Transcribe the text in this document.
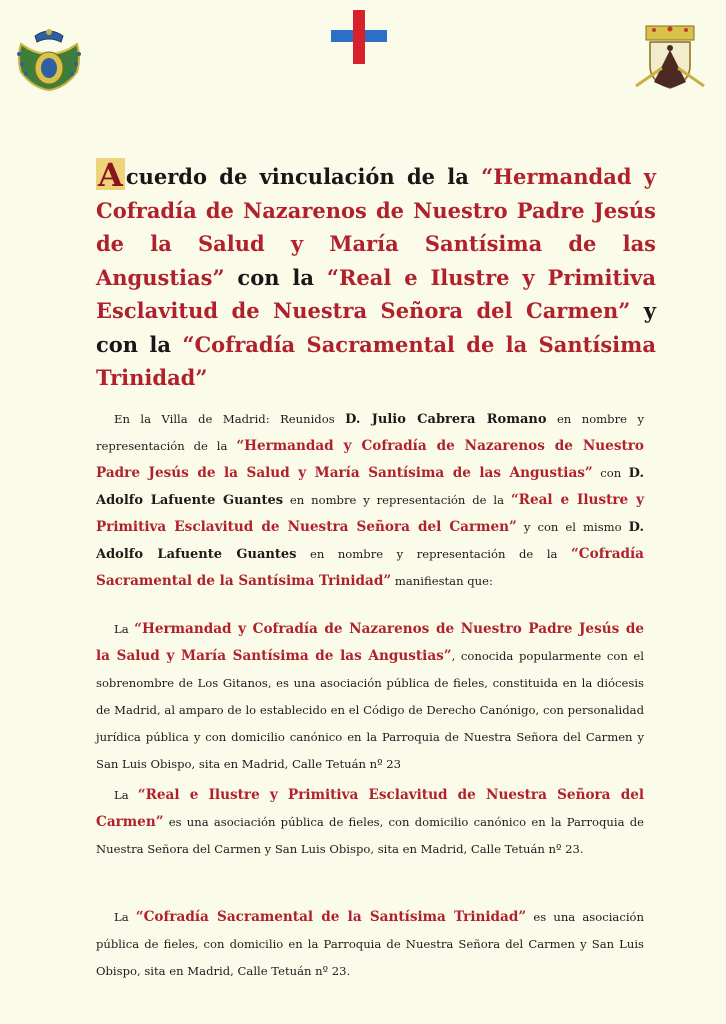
A cuerdo de vinculación de la “Hermandad y Cofradía de Nazarenos de Nuestro Padre Jesús de la Salud y María Santísima de las Angustias” con la “Real e Ilustre y Primitiva Esclavitud de Nuestra Señora del Carmen” y con la “Cofradía Sacramental de la Santísima Trinidad”
En la Villa de Madrid: Reunidos D. Julio Cabrera Romano en nombre y representación de la “Hermandad y Cofradía de Nazarenos de Nuestro Padre Jesús de la Salud y María Santísima de las Angustias” con D. Adolfo Lafuente Guantes en nombre y representación de la “Real e Ilustre y Primitiva Esclavitud de Nuestra Señora del Carmen” y con el mismo D. Adolfo Lafuente Guantes en nombre y representación de la “Cofradía Sacramental de la Santísima Trinidad” manifiestan que:
La “Hermandad y Cofradía de Nazarenos de Nuestro Padre Jesús de la Salud y María Santísima de las Angustias”, conocida popularmente con el sobrenombre de Los Gitanos, es una asociación pública de fieles, constituida en la diócesis de Madrid, al amparo de lo establecido en el Código de Derecho Canónigo, con personalidad jurídica pública y con domicilio canónico en la Parroquia de Nuestra Señora del Carmen y San Luis Obispo, sita en Madrid, Calle Tetuán nº 23
La “Real e Ilustre y Primitiva Esclavitud de Nuestra Señora del Carmen” es una asociación pública de fieles, con domicilio canónico en la Parroquia de Nuestra Señora del Carmen y San Luis Obispo, sita en Madrid, Calle Tetuán nº 23.
La “Cofradía Sacramental de la Santísima Trinidad” es una asociación pública de fieles, con domicilio en la Parroquia de Nuestra Señora del Carmen y San Luis Obispo, sita en Madrid, Calle Tetuán nº 23.
